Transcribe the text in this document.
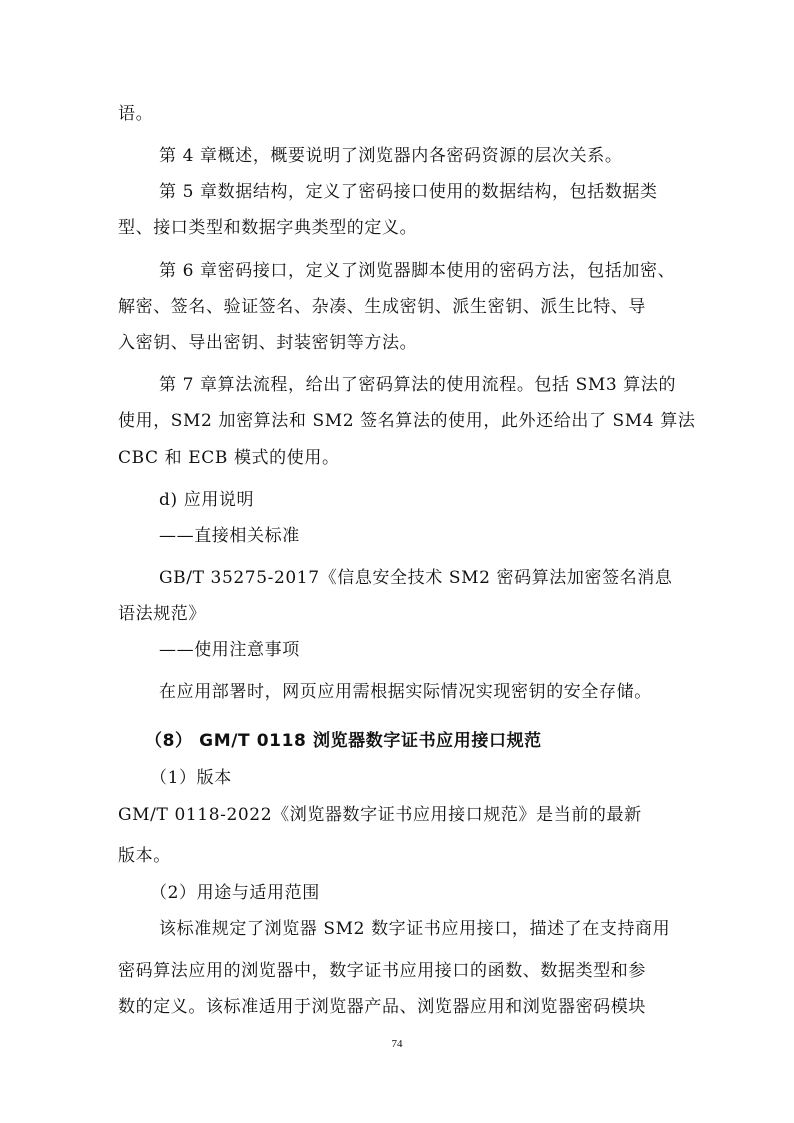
语。
第 4 章概述，概要说明了浏览器内各密码资源的层次关系。
第 5 章数据结构，定义了密码接口使用的数据结构，包括数据类
型、接口类型和数据字典类型的定义。
第 6 章密码接口，定义了浏览器脚本使用的密码方法，包括加密、
解密、签名、验证签名、杂凑、生成密钥、派生密钥、派生比特、导
入密钥、导出密钥、封装密钥等方法。
第 7 章算法流程，给出了密码算法的使用流程。包括 SM3 算法的
使用，SM2 加密算法和 SM2 签名算法的使用，此外还给出了 SM4 算法
CBC 和 ECB 模式的使用。
d) 应用说明
——直接相关标准
GB/T 35275-2017《信息安全技术 SM2 密码算法加密签名消息
语法规范》
——使用注意事项
在应用部署时，网页应用需根据实际情况实现密钥的安全存储。
（8） GM/T 0118 浏览器数字证书应用接口规范
（1）版本
GM/T 0118-2022《浏览器数字证书应用接口规范》是当前的最新
版本。
（2）用途与适用范围
该标准规定了浏览器 SM2 数字证书应用接口，描述了在支持商用
密码算法应用的浏览器中，数字证书应用接口的函数、数据类型和参
数的定义。该标准适用于浏览器产品、浏览器应用和浏览器密码模块
74
